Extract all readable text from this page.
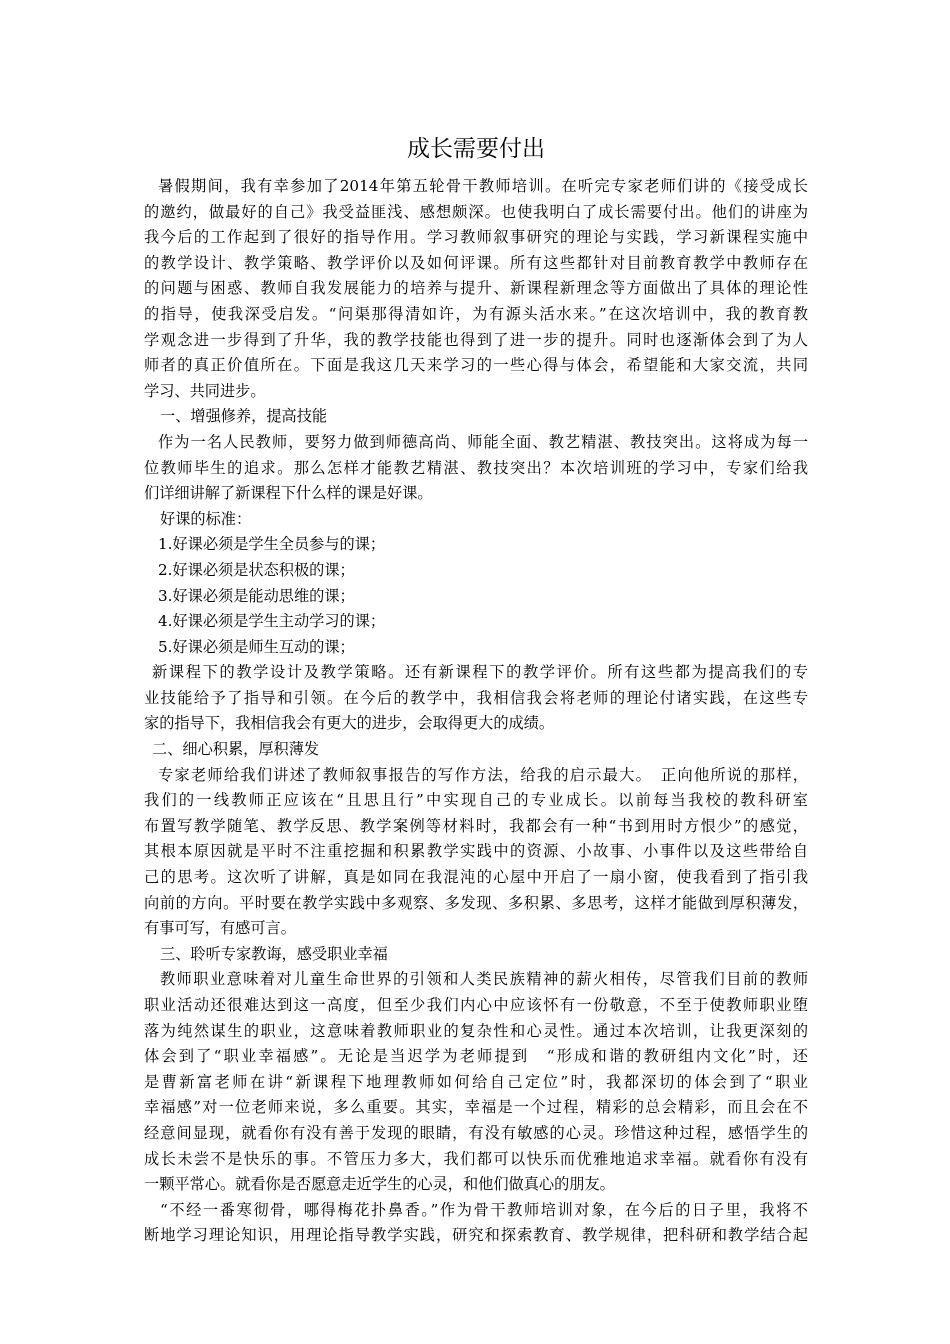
成长需要付出

暑假期间，我有幸参加了2014年第五轮骨干教师培训。在听完专家老师们讲的《接受成长

的邀约，做最好的自己》我受益匪浅、感想颇深。也使我明白了成长需要付出。他们的讲座为

我今后的工作起到了很好的指导作用。学习教师叙事研究的理论与实践，学习新课程实施中

的教学设计、教学策略、教学评价以及如何评课。所有这些都针对目前教育教学中教师存在

的问题与困惑、教师自我发展能力的培养与提升、新课程新理念等方面做出了具体的理论性

的指导，使我深受启发。“问渠那得清如许，为有源头活水来。”在这次培训中，我的教育教

学观念进一步得到了升华，我的教学技能也得到了进一步的提升。同时也逐渐体会到了为人

师者的真正价值所在。下面是我这几天来学习的一些心得与体会，希望能和大家交流，共同

学习、共同进步。

一、增强修养，提高技能

作为一名人民教师，要努力做到师德高尚、师能全面、教艺精湛、教技突出。这将成为每一

位教师毕生的追求。那么怎样才能教艺精湛、教技突出？本次培训班的学习中，专家们给我

们详细讲解了新课程下什么样的课是好课。

好课的标准：

1.好课必须是学生全员参与的课；

2.好课必须是状态积极的课；

3.好课必须是能动思维的课；

4.好课必须是学生主动学习的课；

5.好课必须是师生互动的课；

新课程下的教学设计及教学策略。还有新课程下的教学评价。所有这些都为提高我们的专

业技能给予了指导和引领。在今后的教学中，我相信我会将老师的理论付诸实践，在这些专

家的指导下，我相信我会有更大的进步，会取得更大的成绩。

二、细心积累，厚积薄发

专家老师给我们讲述了教师叙事报告的写作方法，给我的启示最大。　正向他所说的那样，

我们的一线教师正应该在“且思且行”中实现自己的专业成长。以前每当我校的教科研室

布置写教学随笔、教学反思、教学案例等材料时，我都会有一种“书到用时方恨少”的感觉，

其根本原因就是平时不注重挖掘和积累教学实践中的资源、小故事、小事件以及这些带给自

己的思考。这次听了讲解，真是如同在我混沌的心屋中开启了一扇小窗，使我看到了指引我

向前的方向。平时要在教学实践中多观察、多发现、多积累、多思考，这样才能做到厚积薄发，

有事可写，有感可言。

三、聆听专家教诲，感受职业幸福

教师职业意味着对儿童生命世界的引领和人类民族精神的薪火相传，尽管我们目前的教师

职业活动还很难达到这一高度，但至少我们内心中应该怀有一份敬意，不至于使教师职业堕

落为纯然谋生的职业，这意味着教师职业的复杂性和心灵性。通过本次培训，让我更深刻的

体会到了“职业幸福感”。无论是当迟学为老师提到　“形成和谐的教研组内文化”时，还

是曹新富老师在讲“新课程下地理教师如何给自己定位”时，我都深切的体会到了“职业

幸福感”对一位老师来说，多么重要。其实，幸福是一个过程，精彩的总会精彩，而且会在不

经意间显现，就看你有没有善于发现的眼睛，有没有敏感的心灵。珍惜这种过程，感悟学生的

成长未尝不是快乐的事。不管压力多大，我们都可以快乐而优雅地追求幸福。就看你有没有

一颗平常心。就看你是否愿意走近学生的心灵，和他们做真心的朋友。

“不经一番寒彻骨，哪得梅花扑鼻香。”作为骨干教师培训对象，在今后的日子里，我将不

断地学习理论知识，用理论指导教学实践，研究和探索教育、教学规律，把科研和教学结合起
